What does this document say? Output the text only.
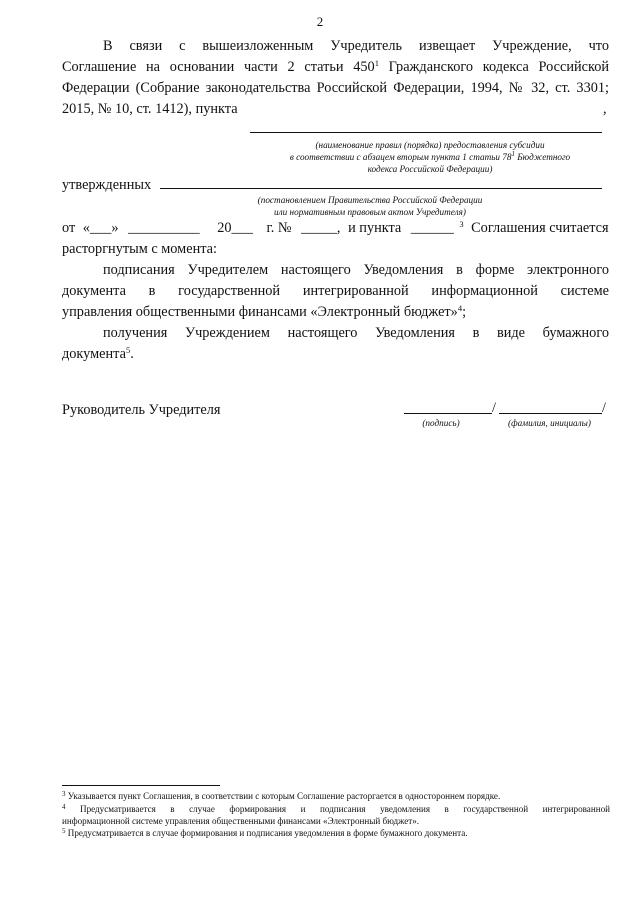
2
В связи с вышеизложенным Учредитель извещает Учреждение, что
Соглашение на основании части 2 статьи $450^1$ Гражданского кодекса Российской
Федерации (Собрание законодательства Российской Федерации, 1994, № 32, ст. 3301;
2015, № 10, ст. 1412), пункта	,
(наименование правил (порядка) предоставления субсидии
в соответствии с абзацем вторым пункта 1 статьи $78^1$ Бюджетного
кодекса Российской Федерации)
утвержденных
(постановлением Правительства Российской Федерации
или нормативным правовым актом Учредителя)
от «___» __________ 20___ г. № _____, и пункта ______ $^3$ Соглашения считается
расторгнутым с момента:
подписания Учредителем настоящего Уведомления в форме электронного
документа в государственной интегрированной информационной системе
управления общественными финансами «Электронный бюджет»$^4$;
получения Учреждением настоящего Уведомления в виде бумажного
документа$^5$.
Руководитель Учредителя	/	/
(подпись)	(фамилия, инициалы)
$^3$ Указывается пункт Соглашения, в соответствии с которым Соглашение расторгается в одностороннем порядке.
$^4$ Предусматривается в случае формирования и подписания уведомления в государственной интегрированной
информационной системе управления общественными финансами «Электронный бюджет».
$^5$ Предусматривается в случае формирования и подписания уведомления в форме бумажного документа.
